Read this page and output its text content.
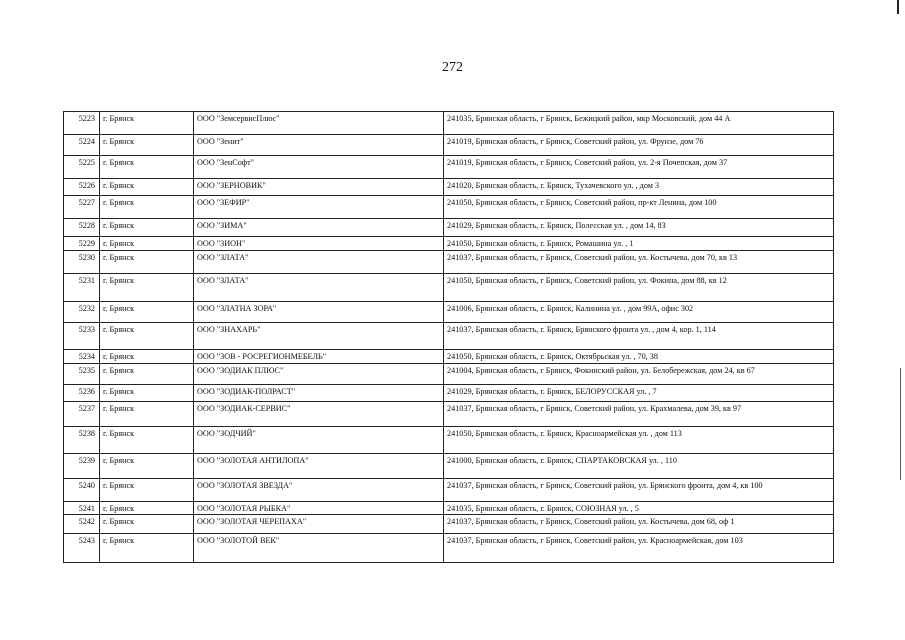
272
5223	г. Брянск	ООО "ЗемсервисПлюс"	241035, Брянская область, г Брянск, Бежицкий район, мкр Московский, дом 44 А
5224	г. Брянск	ООО "Зенит"	241019, Брянская область, г Брянск, Советский район, ул. Фрунзе, дом 76
5225	г. Брянск	ООО "ЗенСофт"	241019, Брянская область, г Брянск, Советский район, ул. 2-я Почепская, дом 37
5226	г. Брянск	ООО "ЗЕРНОВИК"	241020, Брянская область, г. Брянск, Тухачевского ул. , дом 3
5227	г. Брянск	ООО "ЗЕФИР"	241050, Брянская область, г Брянск, Советский район, пр-кт Ленина, дом 100
5228	г. Брянск	ООО "ЗИМА"	241029, Брянская область, г. Брянск, Полесская ул. , дом 14, 83
5229	г. Брянск	ООО "ЗИОН"	241050, Брянская область, г. Брянск, Ромашина ул. , 1
5230	г. Брянск	ООО "ЗЛАТА"	241037, Брянская область, г Брянск, Советский район, ул. Костычева, дом 70, кв 13
5231	г. Брянск	ООО "ЗЛАТА"	241050, Брянская область, г Брянск, Советский район, ул. Фокина, дом 88, кв 12
5232	г. Брянск	ООО "ЗЛАТНА ЗОРА"	241006, Брянская область, г. Брянск, Калинина ул. , дом 99А, офис 302
5233	г. Брянск	ООО "ЗНАХАРЬ"	241037, Брянская область, г. Брянск, Брянского фронта ул. , дом 4, кор. 1, 114
5234	г. Брянск	ООО "ЗОВ - РОСРЕГИОНМЕБЕЛЬ"	241050, Брянская область, г. Брянск, Октябрьская ул. , 70, 38
5235	г. Брянск	ООО "ЗОДИАК ПЛЮС"	241004, Брянская область, г Брянск, Фокинский район, ул. Белобережская, дом 24, кв 67
5236	г. Брянск	ООО "ЗОДИАК-ПОЛРАСТ"	241029, Брянская область, г. Брянск, БЕЛОРУССКАЯ ул. , 7
5237	г. Брянск	ООО "ЗОДИАК-СЕРВИС"	241037, Брянская область, г Брянск, Советский район, ул. Крахмалева, дом 39, кв 97
5238	г. Брянск	ООО "ЗОДЧИЙ"	241050, Брянская область, г. Брянск, Красноармейская ул. , дом 113
5239	г. Брянск	ООО "ЗОЛОТАЯ АНТИЛОПА"	241000, Брянская область, г. Брянск, СПАРТАКОВСКАЯ ул. , 110
5240	г. Брянск	ООО "ЗОЛОТАЯ ЗВЕЗДА"	241037, Брянская область, г Брянск, Советский район, ул. Брянского фронта, дом 4, кв 100
5241	г. Брянск	ООО "ЗОЛОТАЯ РЫБКА"	241035, Брянская область, г. Брянск, СОЮЗНАЯ ул. , 5
5242	г. Брянск	ООО "ЗОЛОТАЯ ЧЕРЕПАХА"	241037, Брянская область, г Брянск, Советский район, ул. Костычева, дом 68, оф 1
5243	г. Брянск	ООО "ЗОЛОТОЙ ВЕК"	241037, Брянская область, г Брянск, Советский район, ул. Красноармейская, дом 103
